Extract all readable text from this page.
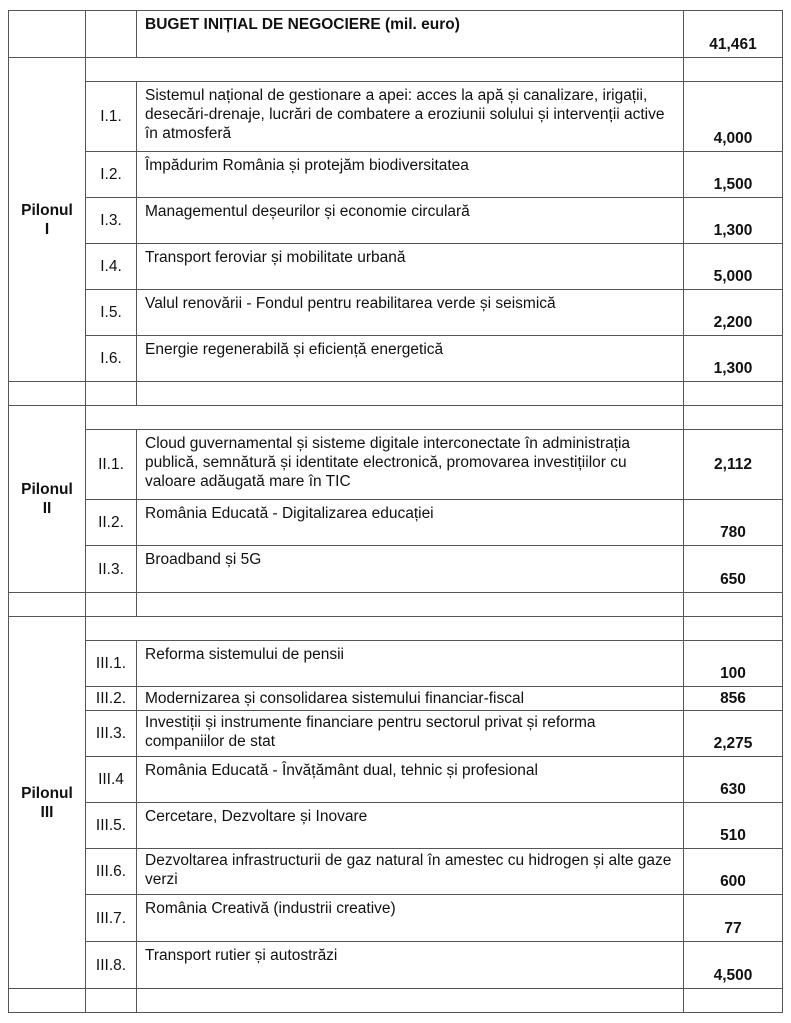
		BUGET INIȚIAL DE NEGOCIERE (mil. euro)	41,461
Pilonul
I			
	I.1.	Sistemul național de gestionare a apei: acces la apă și canalizare, irigații, desecări-drenaje, lucrări de combatere a eroziunii solului și intervenții active în atmosferă	4,000
	I.2.	Împădurim România și protejăm biodiversitatea	1,500
	I.3.	Managementul deșeurilor și economie circulară	1,300
	I.4.	Transport feroviar și mobilitate urbană	5,000
	I.5.	Valul renovării - Fondul pentru reabilitarea verde și seismică	2,200
	I.6.	Energie regenerabilă și eficiență energetică	1,300

Pilonul
II			
	II.1.	Cloud guvernamental și sisteme digitale interconectate în administrația publică, semnătură și identitate electronică, promovarea investițiilor cu valoare adăugată mare în TIC	2,112
	II.2.	România Educată - Digitalizarea educației	780
	II.3.	Broadband și 5G	650

Pilonul
III			
	III.1.	Reforma sistemului de pensii	100
	III.2.	Modernizarea și consolidarea sistemului financiar-fiscal	856
	III.3.	Investiții și instrumente financiare pentru sectorul privat și reforma companiilor de stat	2,275
	III.4	România Educată - Învățământ dual, tehnic și profesional	630
	III.5.	Cercetare, Dezvoltare și Inovare	510
	III.6.	Dezvoltarea infrastructurii de gaz natural în amestec cu hidrogen și alte gaze verzi	600
	III.7.	România Creativă (industrii creative)	77
	III.8.	Transport rutier și autostrăzi	4,500
